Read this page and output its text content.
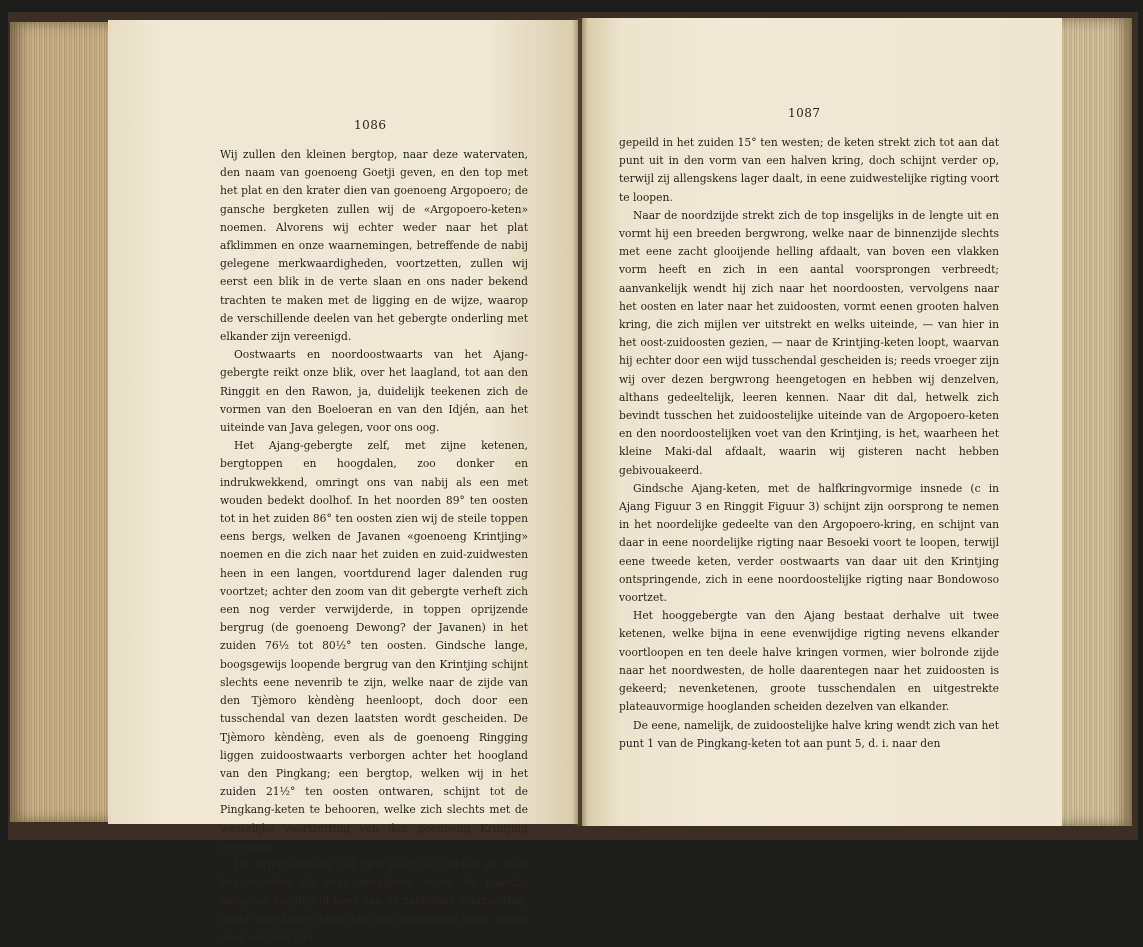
1086

Wij zullen den kleinen bergtop, naar deze watervaten, den naam van goenoeng Goetji geven, en den top met het plat en den krater dien van goenoeng Argopoero; de gansche bergketen zullen wij de «Argopoero-keten» noemen. Alvorens wij echter weder naar het plat afklimmen en onze waarnemingen, betreffende de nabij gelegene merkwaardigheden, voortzetten, zullen wij eerst een blik in de verte slaan en ons nader bekend trachten te maken met de ligging en de wijze, waarop de verschillende deelen van het gebergte onderling met elkander zijn vereenigd.

Oostwaarts en noordoostwaarts van het Ajang-gebergte reikt onze blik, over het laagland, tot aan den Ringgit en den Rawon, ja, duidelijk teekenen zich de vormen van den Boeloeran en van den Idjén, aan het uiteinde van Java gelegen, voor ons oog.

Het Ajang-gebergte zelf, met zijne ketenen, bergtoppen en hoogdalen, zoo donker en indrukwekkend, omringt ons van nabij als een met wouden bedekt doolhof. In het noorden 89° ten oosten tot in het zuiden 86° ten oosten zien wij de steile toppen eens bergs, welken de Javanen «goenoeng Krintjing» noemen en die zich naar het zuiden en zuid-zuidwesten heen in een langen, voortdurend lager dalenden rug voortzet; achter den zoom van dit gebergte verheft zich een nog verder verwijderde, in toppen oprijzende bergrug (de goenoeng Dewong? der Javanen) in het zuiden 76½ tot 80½° ten oosten. Gindsche lange, boogsgewijs loopende bergrug van den Krintjing schijnt slechts eene nevenrib te zijn, welke naar de zijde van den Tjèmoro kèndèng heenloopt, doch door een tusschendal van dezen laatsten wordt gescheiden. De Tjèmoro kèndèng, even als de goenoeng Ringging liggen zuidoostwaarts verborgen achter het hoogland van den Pingkang; een bergtop, welken wij in het zuiden 21½° ten oosten ontwaren, schijnt tot de Pingkang-keten te behooren, welke zich slechts met de westelijke voortzetting van den goenoeng Krintjing vereenigt.

De Argopoero-top zet zich naar het zuiden en naar het noorden als eene bergketen voort; de naastbij gelegene bergtop of hoek van de zuidelijke voortzetting, welke veel lager daalt dan zijn noordelijke hoek, wordt door ons van hier

1087

gepeild in het zuiden 15° ten westen; de keten strekt zich tot aan dat punt uit in den vorm van een halven kring, doch schijnt verder op, terwijl zij allengskens lager daalt, in eene zuidwestelijke rigting voort te loopen.

Naar de noordzijde strekt zich de top insgelijks in de lengte uit en vormt hij een breeden bergwrong, welke naar de binnenzijde slechts met eene zacht glooijende helling afdaalt, van boven een vlakken vorm heeft en zich in een aantal voorsprongen verbreedt; aanvankelijk wendt hij zich naar het noordoosten, vervolgens naar het oosten en later naar het zuidoosten, vormt eenen grooten halven kring, die zich mijlen ver uitstrekt en welks uiteinde, — van hier in het oost-zuidoosten gezien, — naar de Krintjing-keten loopt, waarvan hij echter door een wijd tusschendal gescheiden is; reeds vroeger zijn wij over dezen bergwrong heengetogen en hebben wij denzelven, althans gedeeltelijk, leeren kennen. Naar dit dal, hetwelk zich bevindt tusschen het zuidoostelijke uiteinde van de Argopoero-keten en den noordoostelijken voet van den Krintjing, is het, waarheen het kleine Maki-dal afdaalt, waarin wij gisteren nacht hebben gebivouakeerd.

Gindsche Ajang-keten, met de halfkringvormige insnede (c in Ajang Figuur 3 en Ringgit Figuur 3) schijnt zijn oorsprong te nemen in het noordelijke gedeelte van den Argopoero-kring, en schijnt van daar in eene noordelijke rigting naar Besoeki voort te loopen, terwijl eene tweede keten, verder oostwaarts van daar uit den Krintjing ontspringende, zich in eene noordoostelijke rigting naar Bondowoso voortzet.

Het hooggebergte van den Ajang bestaat derhalve uit twee ketenen, welke bijna in eene evenwijdige rigting nevens elkander voortloopen en ten deele halve kringen vormen, wier bolronde zijde naar het noordwesten, de holle daarentegen naar het zuidoosten is gekeerd; nevenketenen, groote tusschendalen en uitgestrekte plateauvormige hooglanden scheiden dezelven van elkander.

De eene, namelijk, de zuidoostelijke halve kring wendt zich van het punt 1 van de Pingkang-keten tot aan punt 5, d. i. naar den
